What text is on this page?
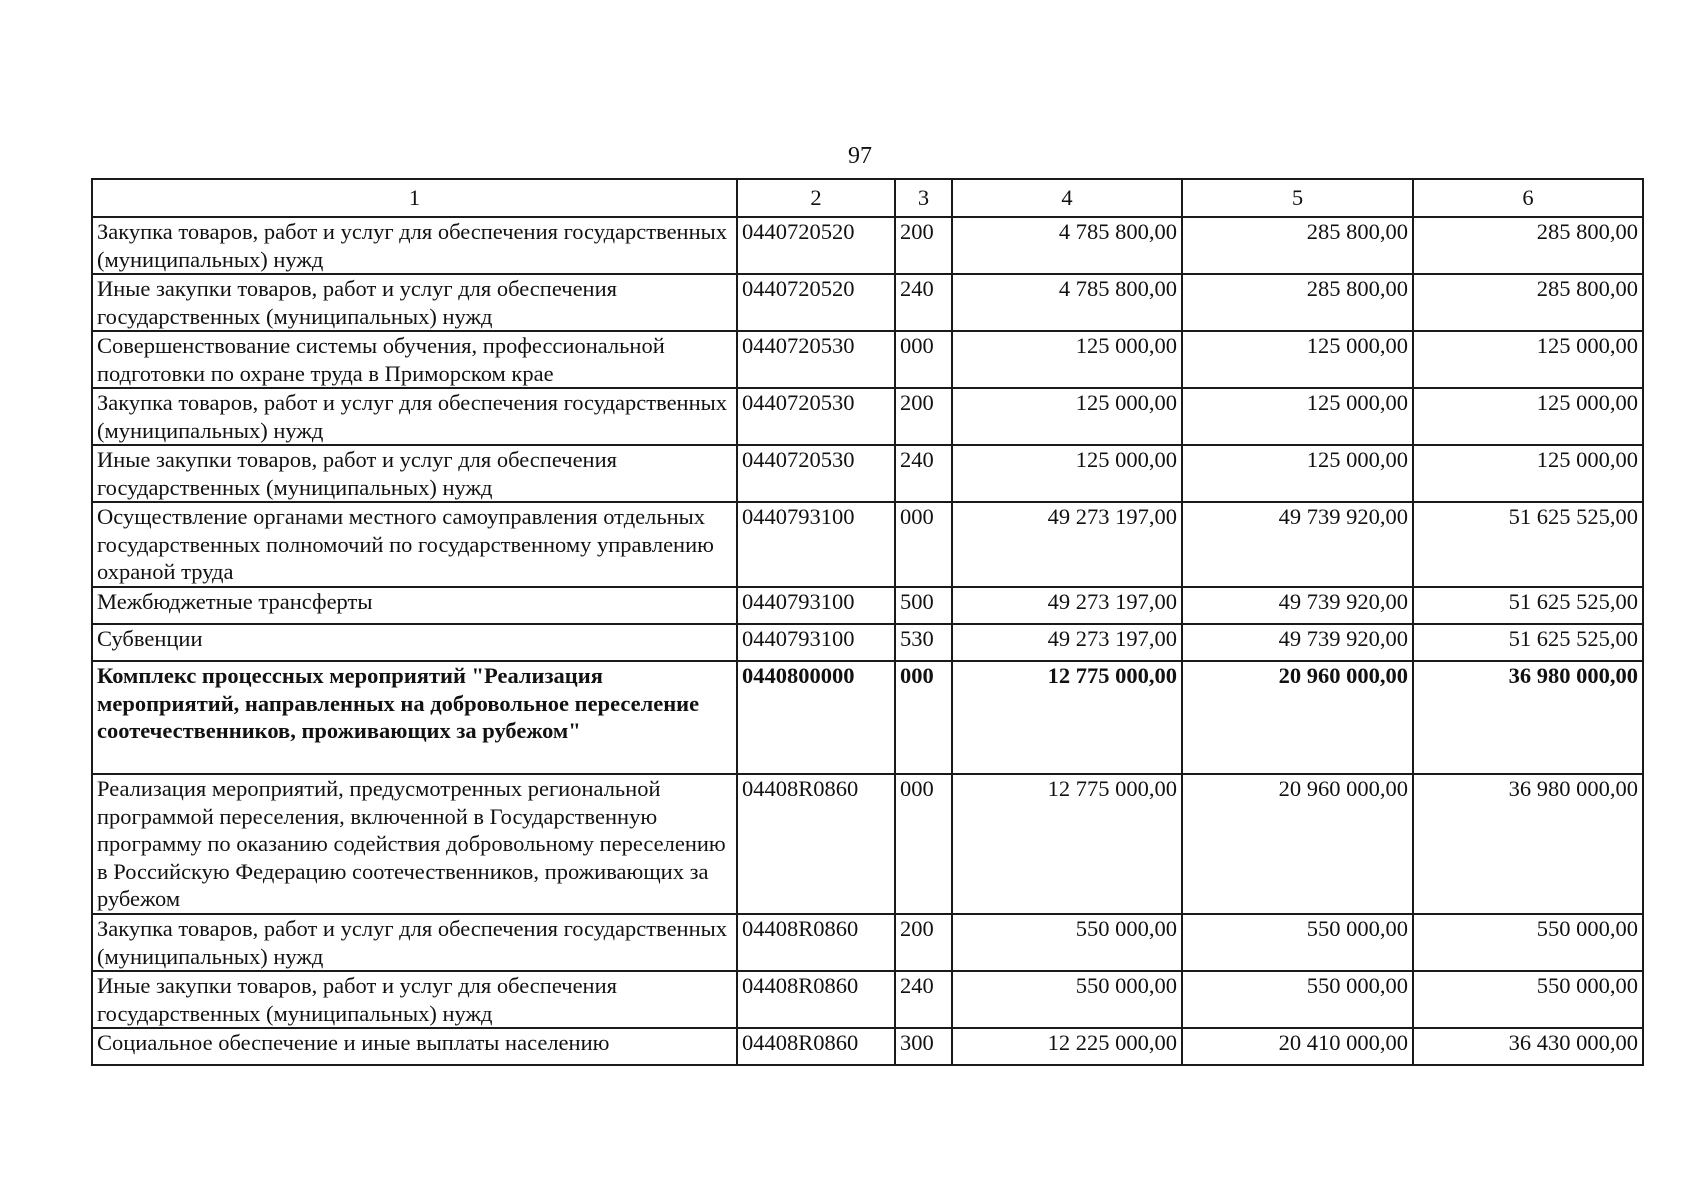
97
1	2	3	4	5	6
Закупка товаров, работ и услуг для обеспечения государственных (муниципальных) нужд	0440720520	200	4 785 800,00	285 800,00	285 800,00
Иные закупки товаров, работ и услуг для обеспечения государственных (муниципальных) нужд	0440720520	240	4 785 800,00	285 800,00	285 800,00
Совершенствование системы обучения, профессиональной подготовки по охране труда в Приморском крае	0440720530	000	125 000,00	125 000,00	125 000,00
Закупка товаров, работ и услуг для обеспечения государственных (муниципальных) нужд	0440720530	200	125 000,00	125 000,00	125 000,00
Иные закупки товаров, работ и услуг для обеспечения государственных (муниципальных) нужд	0440720530	240	125 000,00	125 000,00	125 000,00
Осуществление органами местного самоуправления отдельных государственных полномочий по государственному управлению охраной труда	0440793100	000	49 273 197,00	49 739 920,00	51 625 525,00
Межбюджетные трансферты	0440793100	500	49 273 197,00	49 739 920,00	51 625 525,00
Субвенции	0440793100	530	49 273 197,00	49 739 920,00	51 625 525,00
Комплекс процессных мероприятий "Реализация мероприятий, направленных на добровольное переселение соотечественников, проживающих за рубежом"	0440800000	000	12 775 000,00	20 960 000,00	36 980 000,00
Реализация мероприятий, предусмотренных региональной программой переселения, включенной в Государственную программу по оказанию содействия добровольному переселению в Российскую Федерацию соотечественников, проживающих за рубежом	04408R0860	000	12 775 000,00	20 960 000,00	36 980 000,00
Закупка товаров, работ и услуг для обеспечения государственных (муниципальных) нужд	04408R0860	200	550 000,00	550 000,00	550 000,00
Иные закупки товаров, работ и услуг для обеспечения государственных (муниципальных) нужд	04408R0860	240	550 000,00	550 000,00	550 000,00
Социальное обеспечение и иные выплаты населению	04408R0860	300	12 225 000,00	20 410 000,00	36 430 000,00
